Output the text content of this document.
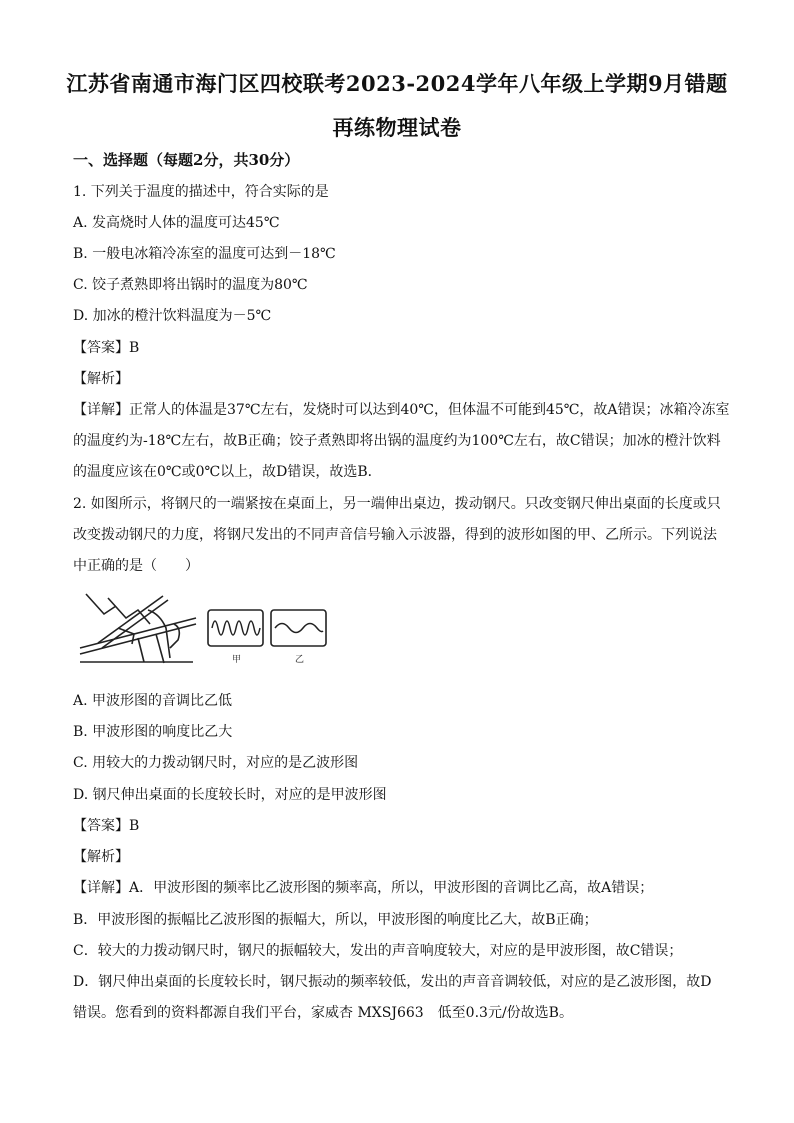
江苏省南通市海门区四校联考2023-2024学年八年级上学期9月错题
再练物理试卷
一、选择题（每题2分，共30分）
1. 下列关于温度的描述中，符合实际的是
A. 发高烧时人体的温度可达45℃
B. 一般电冰箱冷冻室的温度可达到－18℃
C. 饺子煮熟即将出锅时的温度为80℃
D. 加冰的橙汁饮料温度为－5℃
【答案】B
【解析】
【详解】正常人的体温是37℃左右，发烧时可以达到40℃，但体温不可能到45℃，故A错误；冰箱冷冻室
的温度约为-18℃左右，故B正确；饺子煮熟即将出锅的温度约为100℃左右，故C错误；加冰的橙汁饮料
的温度应该在0℃或0℃以上，故D错误，故选B．
2. 如图所示，将钢尺的一端紧按在桌面上，另一端伸出桌边，拨动钢尺。只改变钢尺伸出桌面的长度或只
改变拨动钢尺的力度，将钢尺发出的不同声音信号输入示波器，得到的波形如图的甲、乙所示。下列说法
中正确的是（　　）
甲	乙
A. 甲波形图的音调比乙低
B. 甲波形图的响度比乙大
C. 用较大的力拨动钢尺时，对应的是乙波形图
D. 钢尺伸出桌面的长度较长时，对应的是甲波形图
【答案】B
【解析】
【详解】A．甲波形图的频率比乙波形图的频率高，所以，甲波形图的音调比乙高，故A错误；
B．甲波形图的振幅比乙波形图的振幅大，所以，甲波形图的响度比乙大，故B正确；
C．较大的力拨动钢尺时，钢尺的振幅较大，发出的声音响度较大，对应的是甲波形图，故C错误；
D．钢尺伸出桌面的长度较长时，钢尺振动的频率较低，发出的声音音调较低，对应的是乙波形图，故D
错误。您看到的资料都源自我们平台，家威杏 MXSJ663　低至0.3元/份故选B。
